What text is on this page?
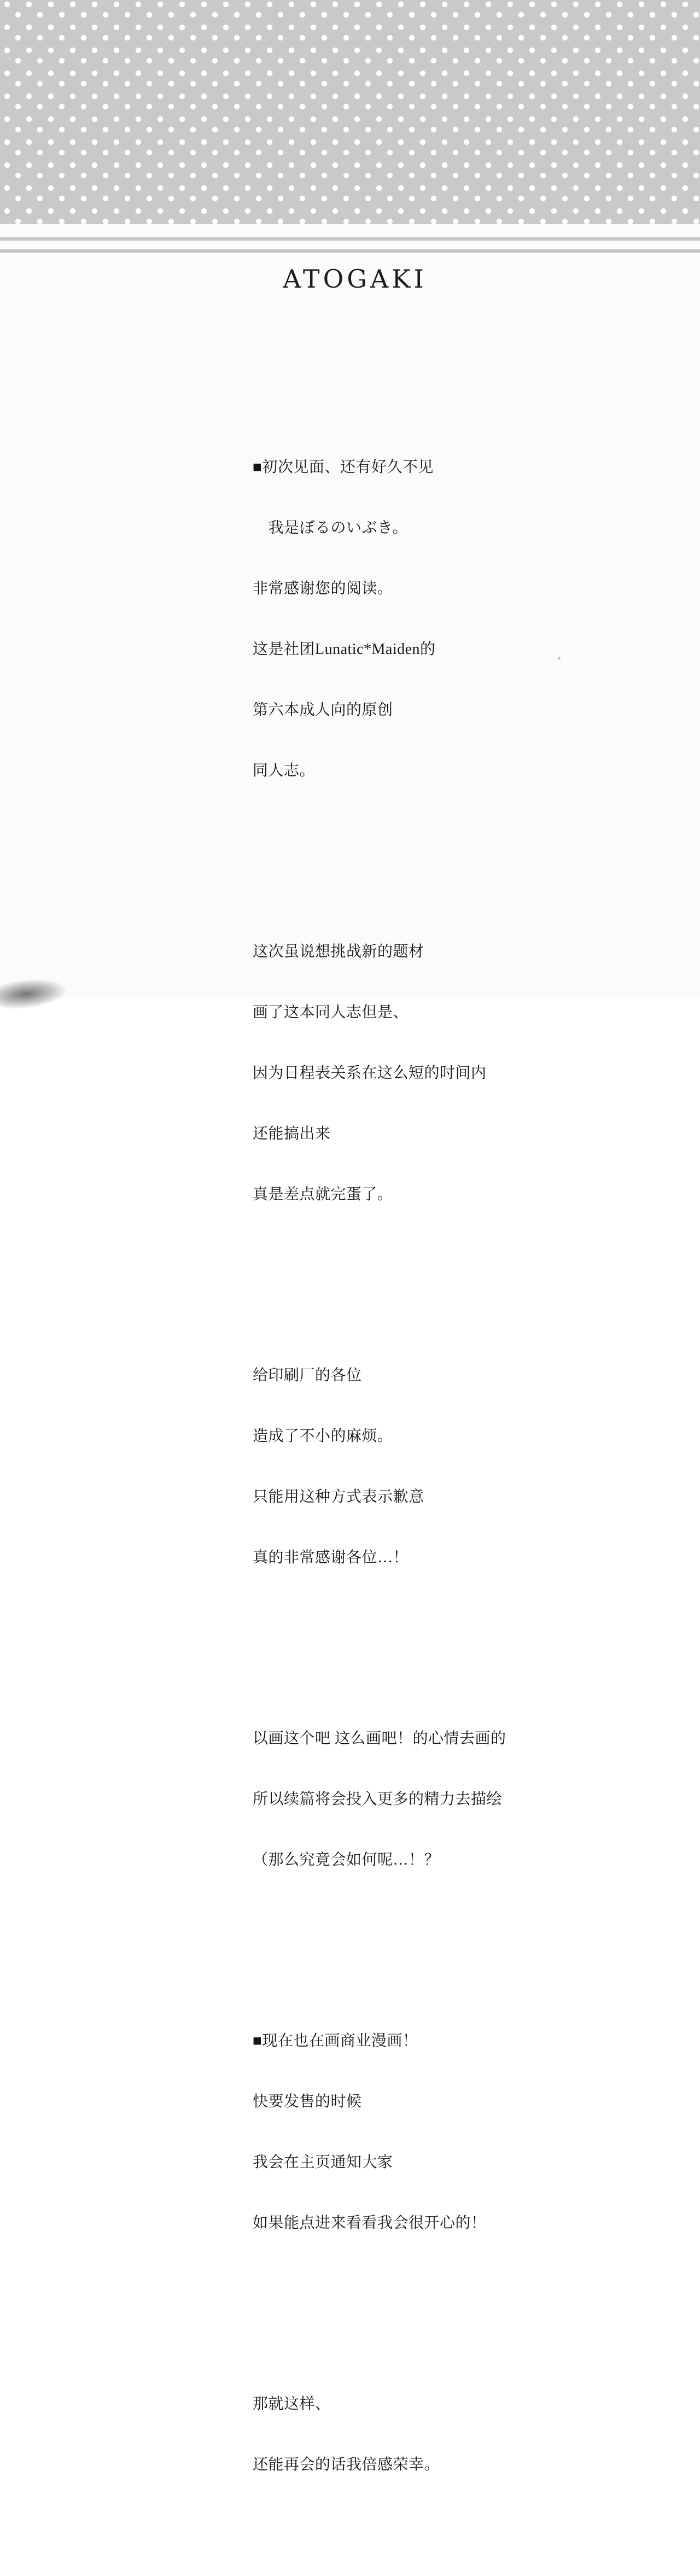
ATOGAKI

■初次见面、还有好久不见

　我是ぼるのいぶき。

非常感谢您的阅读。

这是社团Lunatic*Maiden的

第六本成人向的原创

同人志。

这次虽说想挑战新的题材

画了这本同人志但是、

因为日程表关系在这么短的时间内

还能搞出来

真是差点就完蛋了。

给印刷厂的各位

造成了不小的麻烦。

只能用这种方式表示歉意

真的非常感谢各位…！

以画这个吧 这么画吧！的心情去画的

所以续篇将会投入更多的精力去描绘

（那么究竟会如何呢…！？

■现在也在画商业漫画！

快要发售的时候

我会在主页通知大家

如果能点进来看看我会很开心的！

那就这样、

还能再会的话我倍感荣幸。
